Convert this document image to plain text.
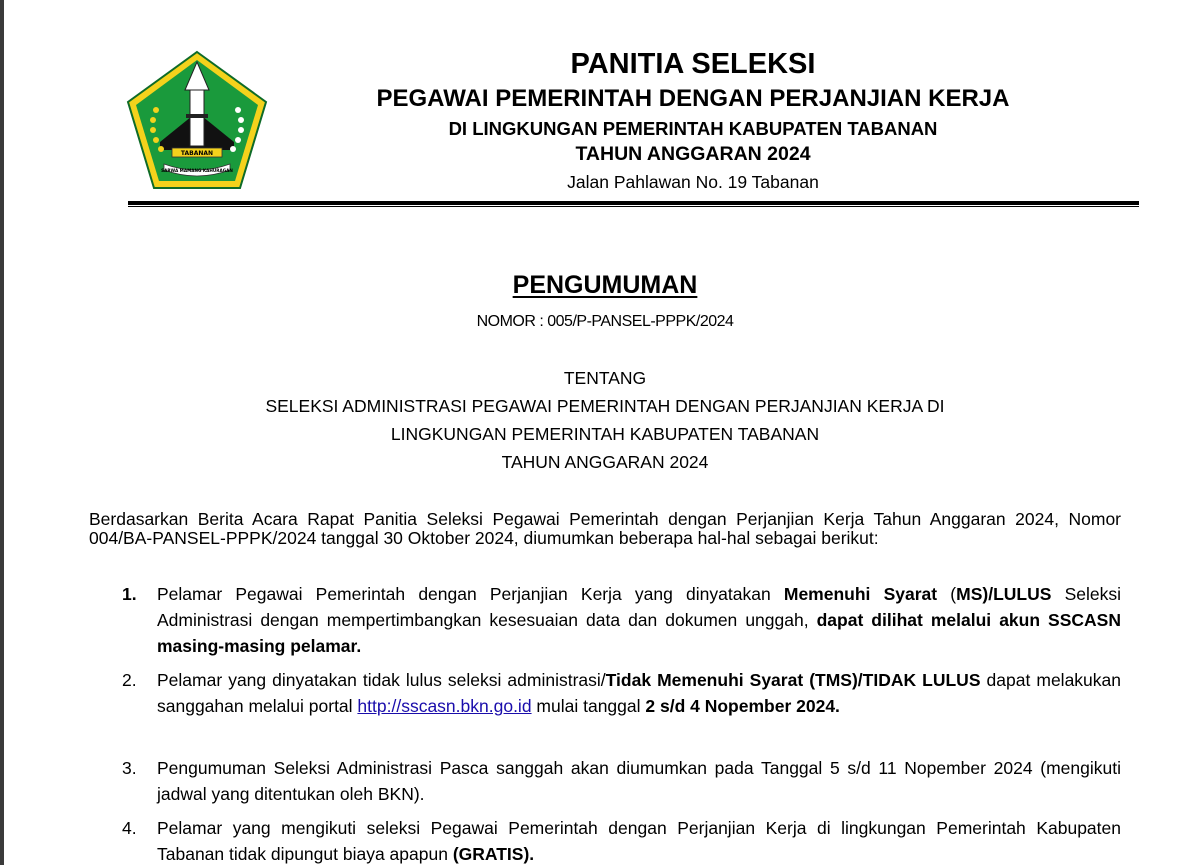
TABANAN
SARWA MAMANG KAHURAGAN
PANITIA SELEKSI
PEGAWAI PEMERINTAH DENGAN PERJANJIAN KERJA
DI LINGKUNGAN PEMERINTAH KABUPATEN TABANAN
TAHUN ANGGARAN 2024
Jalan Pahlawan No. 19 Tabanan
PENGUMUMAN
NOMOR : 005/P-PANSEL-PPPK/2024
TENTANG
SELEKSI ADMINISTRASI PEGAWAI PEMERINTAH DENGAN PERJANJIAN KERJA DI
LINGKUNGAN PEMERINTAH KABUPATEN TABANAN
TAHUN ANGGARAN 2024
Berdasarkan Berita Acara Rapat Panitia Seleksi Pegawai Pemerintah dengan Perjanjian Kerja Tahun Anggaran 2024, Nomor 004/BA-PANSEL-PPPK/2024 tanggal 30 Oktober 2024, diumumkan beberapa hal-hal sebagai berikut:
1. Pelamar Pegawai Pemerintah dengan Perjanjian Kerja yang dinyatakan Memenuhi Syarat (MS)/LULUS Seleksi Administrasi dengan mempertimbangkan kesesuaian data dan dokumen unggah, dapat dilihat melalui akun SSCASN masing-masing pelamar.
2. Pelamar yang dinyatakan tidak lulus seleksi administrasi/Tidak Memenuhi Syarat (TMS)/TIDAK LULUS dapat melakukan sanggahan melalui portal http://sscasn.bkn.go.id mulai tanggal 2 s/d 4 Nopember 2024.
3. Pengumuman Seleksi Administrasi Pasca sanggah akan diumumkan pada Tanggal 5 s/d 11 Nopember 2024 (mengikuti jadwal yang ditentukan oleh BKN).
4. Pelamar yang mengikuti seleksi Pegawai Pemerintah dengan Perjanjian Kerja di lingkungan Pemerintah Kabupaten Tabanan tidak dipungut biaya apapun (GRATIS).
